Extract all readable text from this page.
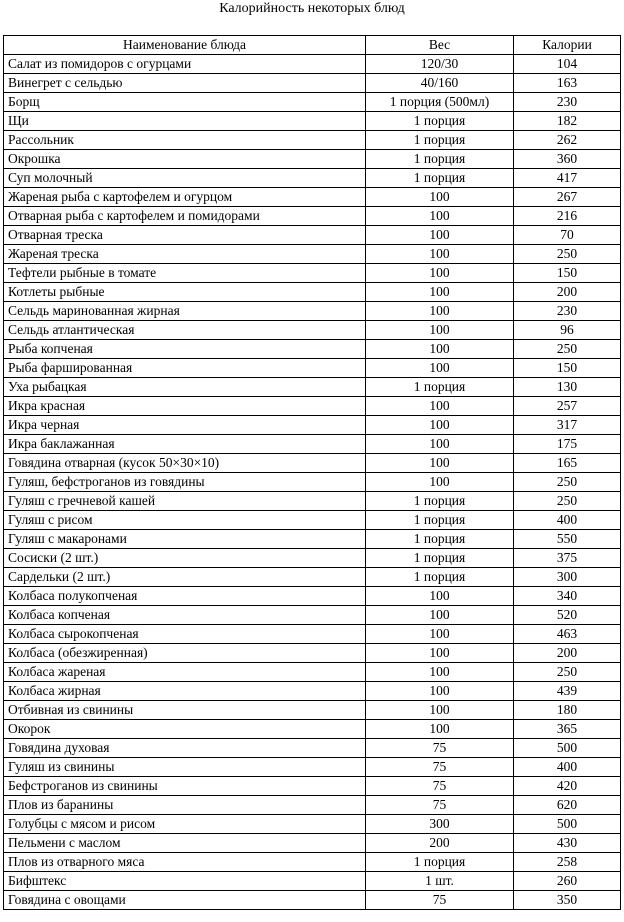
Калорийность некоторых блюд
Наименование блюда	Вес	Калории
Салат из помидоров с огурцами	120/30	104
Винегрет с сельдью	40/160	163
Борщ	1 порция (500мл)	230
Щи	1 порция	182
Рассольник	1 порция	262
Окрошка	1 порция	360
Суп молочный	1 порция	417
Жареная рыба с картофелем и огурцом	100	267
Отварная рыба с картофелем и помидорами	100	216
Отварная треска	100	70
Жареная треска	100	250
Тефтели рыбные в томате	100	150
Котлеты рыбные	100	200
Сельдь маринованная жирная	100	230
Сельдь атлантическая	100	96
Рыба копченая	100	250
Рыба фаршированная	100	150
Уха рыбацкая	1 порция	130
Икра красная	100	257
Икра черная	100	317
Икра баклажанная	100	175
Говядина отварная (кусок 50×30×10)	100	165
Гуляш, бефстроганов из говядины	100	250
Гуляш с гречневой кашей	1 порция	250
Гуляш с рисом	1 порция	400
Гуляш с макаронами	1 порция	550
Сосиски (2 шт.)	1 порция	375
Сардельки (2 шт.)	1 порция	300
Колбаса полукопченая	100	340
Колбаса копченая	100	520
Колбаса сырокопченая	100	463
Колбаса (обезжиренная)	100	200
Колбаса жареная	100	250
Колбаса жирная	100	439
Отбивная из свинины	100	180
Окорок	100	365
Говядина духовая	75	500
Гуляш из свинины	75	400
Бефстроганов из свинины	75	420
Плов из баранины	75	620
Голубцы с мясом и рисом	300	500
Пельмени с маслом	200	430
Плов из отварного мяса	1 порция	258
Бифштекс	1 шт.	260
Говядина с овощами	75	350
